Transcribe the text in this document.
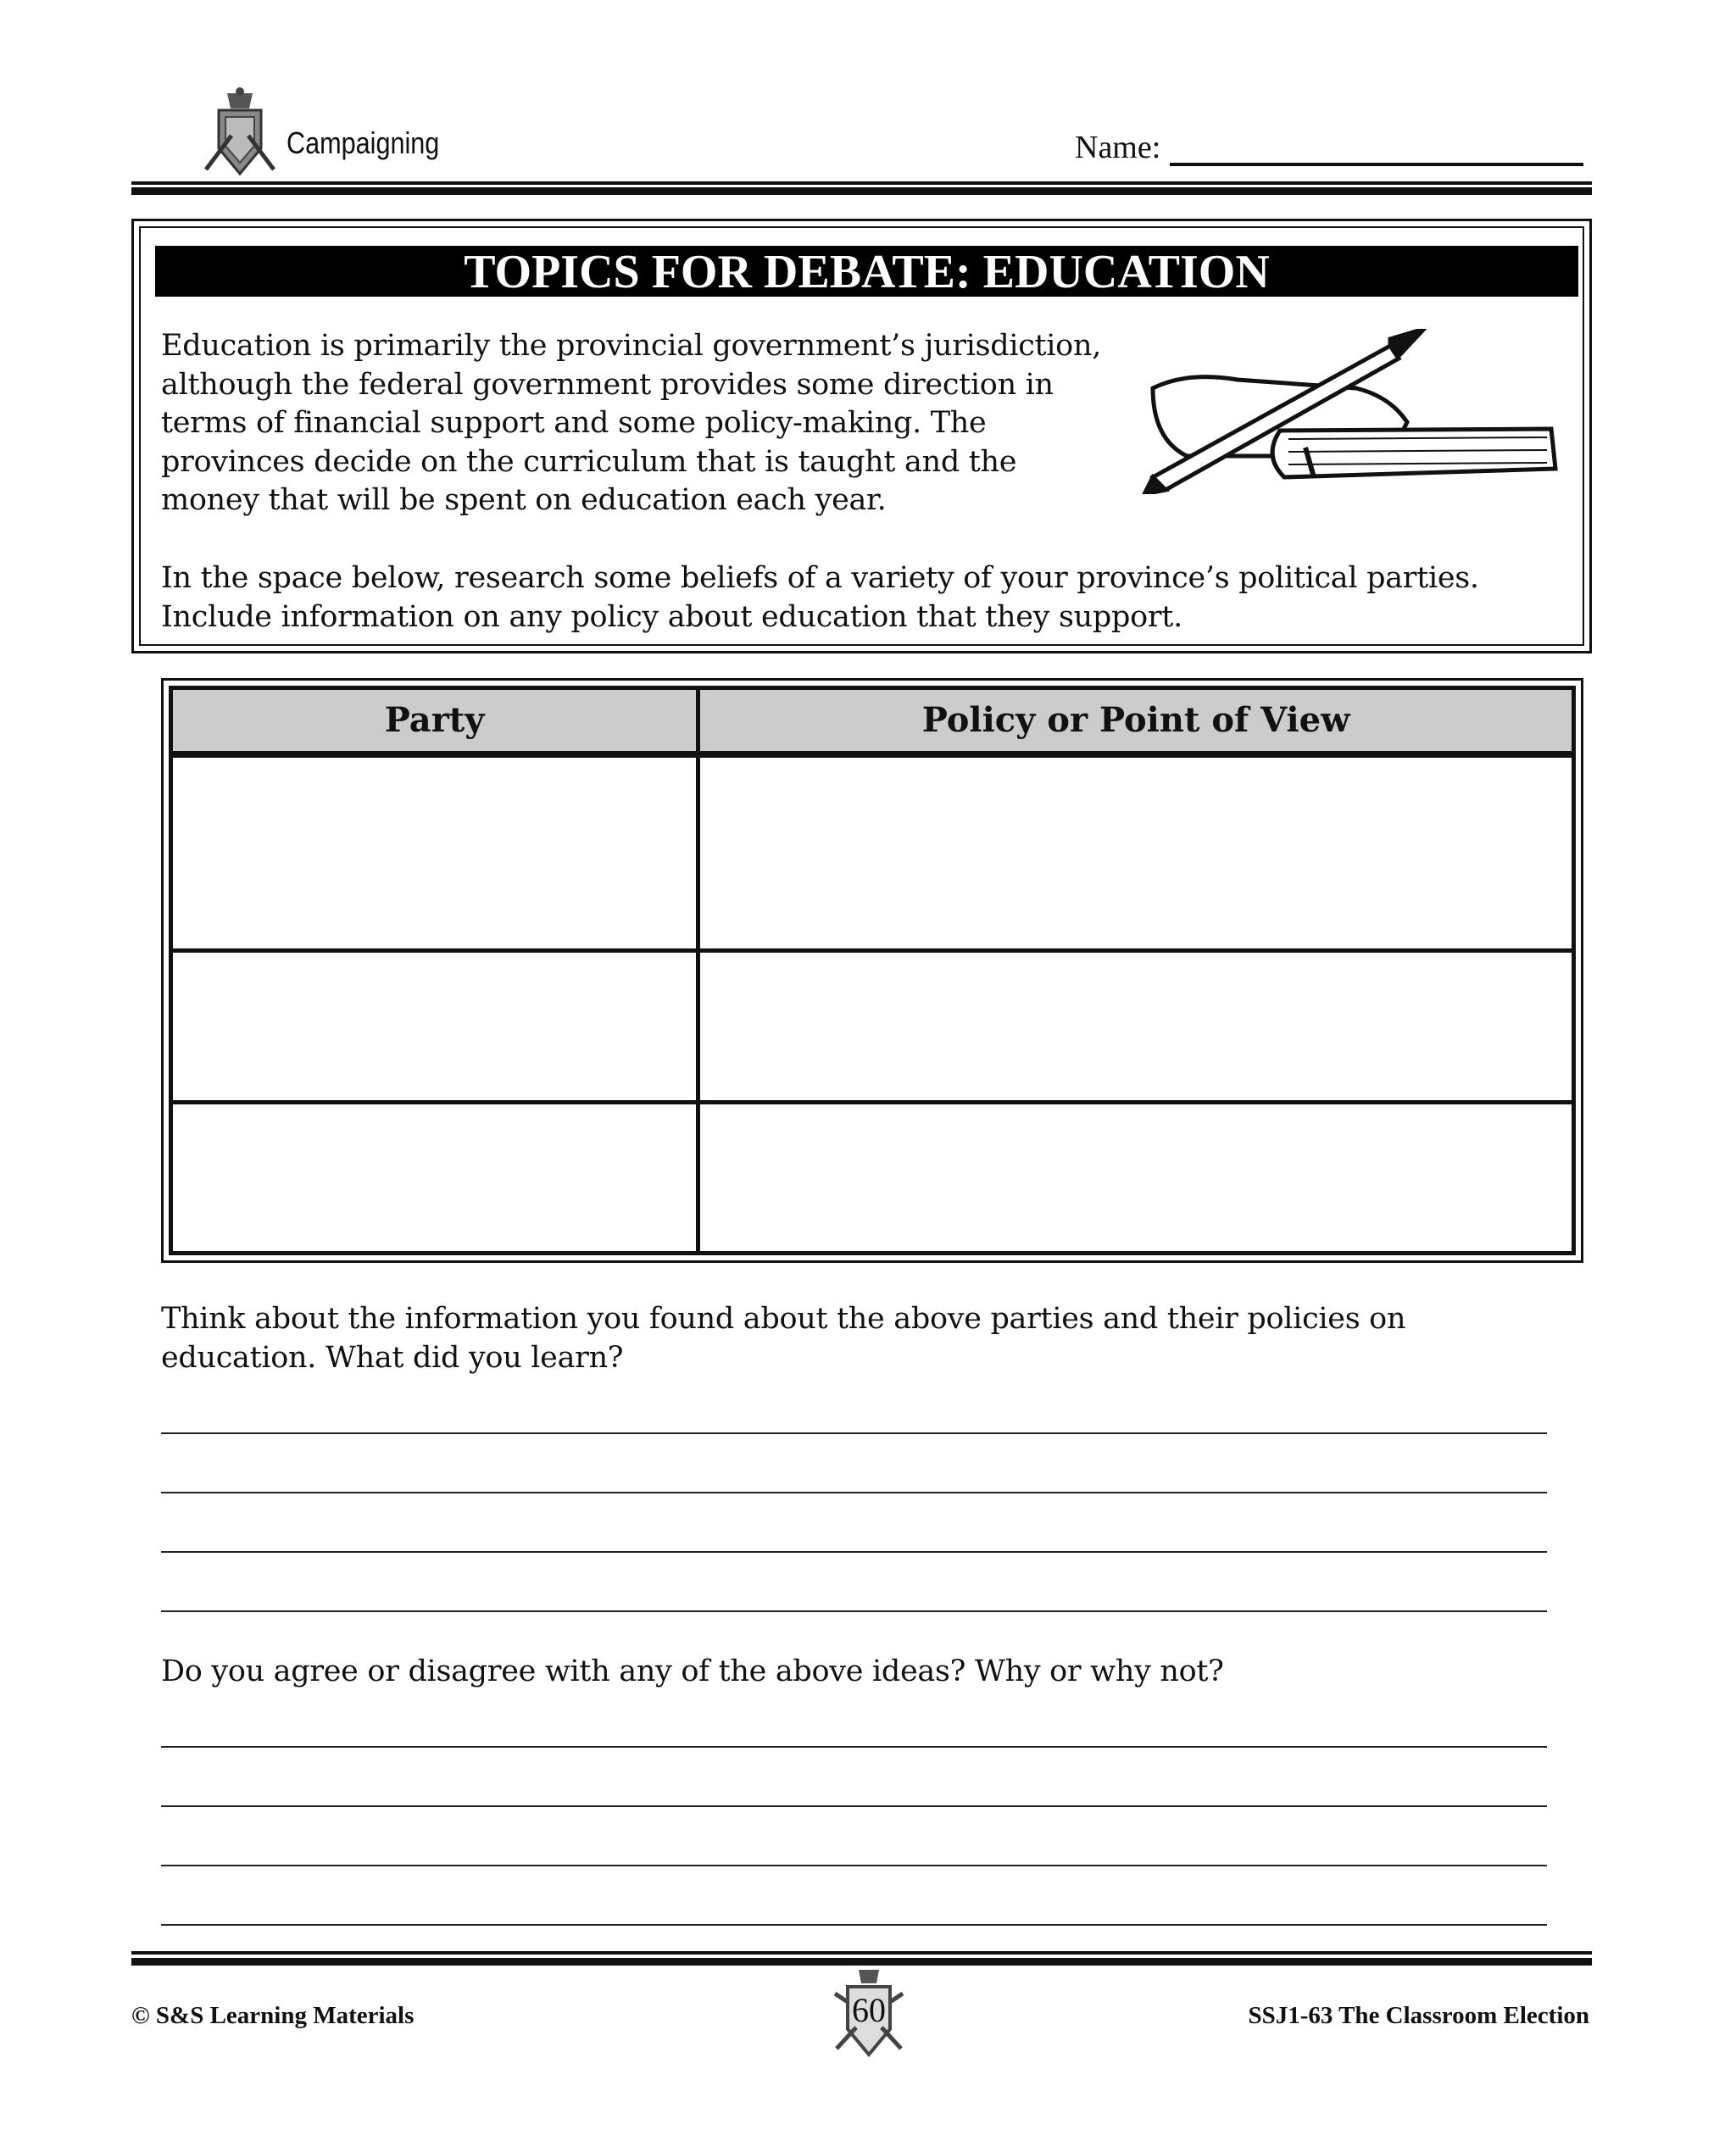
Campaigning	Name:
TOPICS FOR DEBATE: EDUCATION
Education is primarily the provincial government’s jurisdiction,
although the federal government provides some direction in
terms of financial support and some policy-making. The
provinces decide on the curriculum that is taught and the
money that will be spent on education each year.
In the space below, research some beliefs of a variety of your province’s political parties.
Include information on any policy about education that they support.
Party	Policy or Point of View

Think about the information you found about the above parties and their policies on
education. What did you learn?
Do you agree or disagree with any of the above ideas? Why or why not?
© S&S Learning Materials	60	SSJ1-63 The Classroom Election
